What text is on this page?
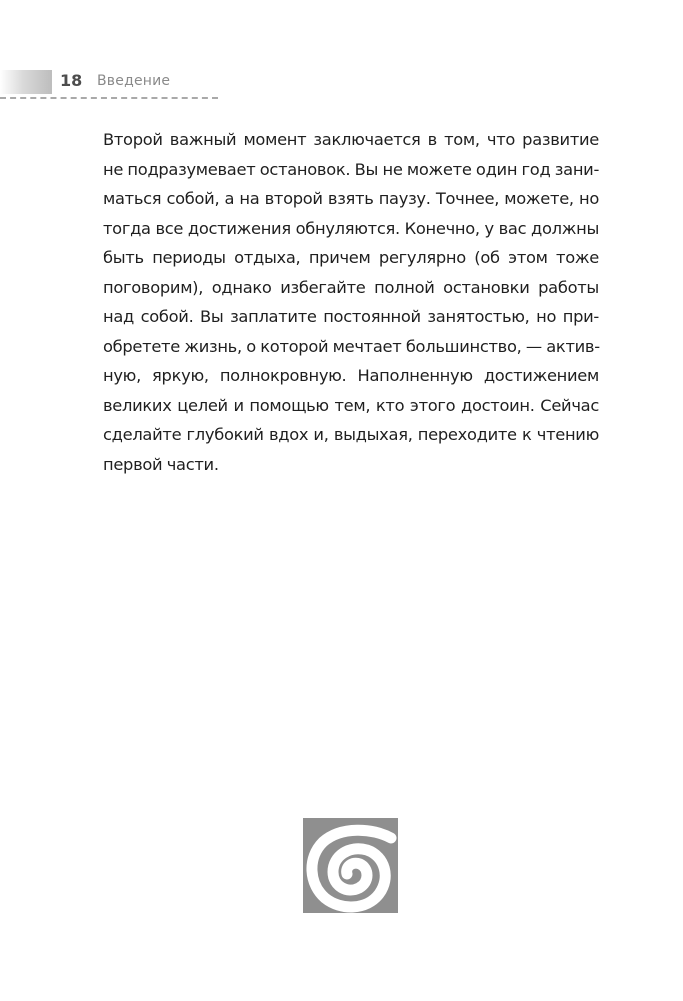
18 Введение
Второй важный момент заключается в том, что развитие
не подразумевает остановок. Вы не можете один год зани-
маться собой, а на второй взять паузу. Точнее, можете, но
тогда все достижения обнуляются. Конечно, у вас должны
быть периоды отдыха, причем регулярно (об этом тоже
поговорим), однако избегайте полной остановки работы
над собой. Вы заплатите постоянной занятостью, но при-
обретете жизнь, о которой мечтает большинство, — актив-
ную, яркую, полнокровную. Наполненную достижением
великих целей и помощью тем, кто этого достоин. Сейчас
сделайте глубокий вдох и, выдыхая, переходите к чтению
первой части.
